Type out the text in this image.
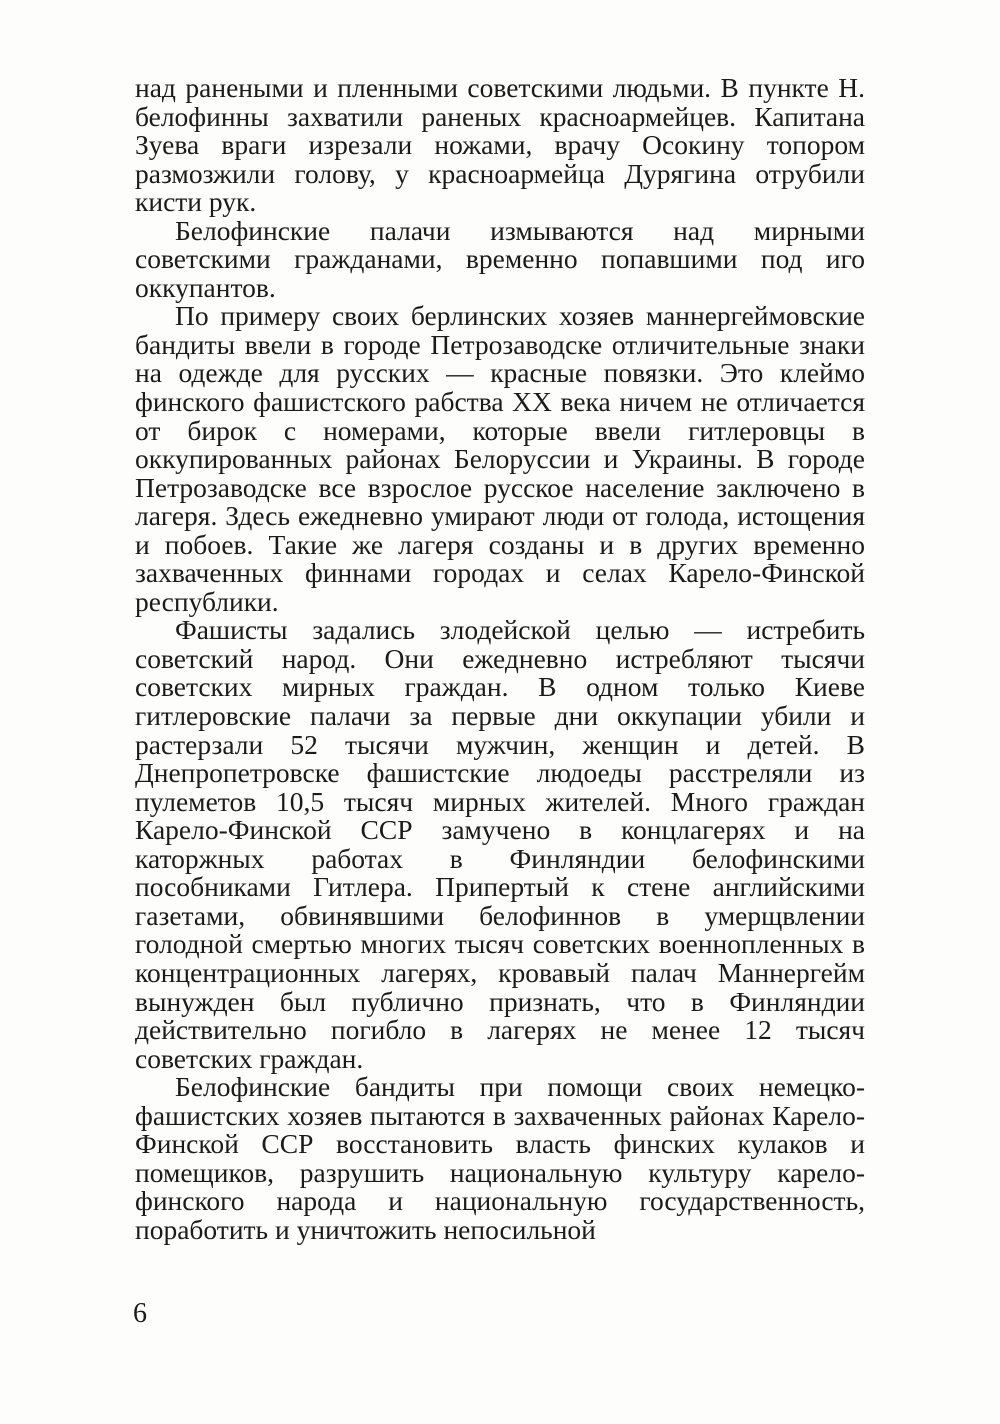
над ранеными и пленными советскими людьми. В пункте Н. белофинны захватили раненых красноармейцев. Капитана Зуева враги изрезали ножами, врачу Осокину топором размозжили голову, у красноармейца Дурягина отрубили кисти рук.

Белофинские палачи измываются над мирными советскими гражданами, временно попавшими под иго оккупантов.

По примеру своих берлинских хозяев маннергеймовские бандиты ввели в городе Петрозаводске отличительные знаки на одежде для русских — красные повязки. Это клеймо финского фашистского рабства XX века ничем не отличается от бирок с номерами, которые ввели гитлеровцы в оккупированных районах Белоруссии и Украины. В городе Петрозаводске все взрослое русское население заключено в лагеря. Здесь ежедневно умирают люди от голода, истощения и побоев. Такие же лагеря созданы и в других временно захваченных финнами городах и селах Карело-Финской республики.

Фашисты задались злодейской целью — истребить советский народ. Они ежедневно истребляют тысячи советских мирных граждан. В одном только Киеве гитлеровские палачи за первые дни оккупации убили и растерзали 52 тысячи мужчин, женщин и детей. В Днепропетровске фашистские людоеды расстреляли из пулеметов 10,5 тысяч мирных жителей. Много граждан Карело-Финской ССР замучено в концлагерях и на каторжных работах в Финляндии белофинскими пособниками Гитлера. Припертый к стене английскими газетами, обвинявшими белофиннов в умерщвлении голодной смертью многих тысяч советских военнопленных в концентрационных лагерях, кровавый палач Маннергейм вынужден был публично признать, что в Финляндии действительно погибло в лагерях не менее 12 тысяч советских граждан.

Белофинские бандиты при помощи своих немецко-фашистских хозяев пытаются в захваченных районах Карело-Финской ССР восстановить власть финских кулаков и помещиков, разрушить национальную культуру карело-финского народа и национальную государственность, поработить и уничтожить непосильной

6
